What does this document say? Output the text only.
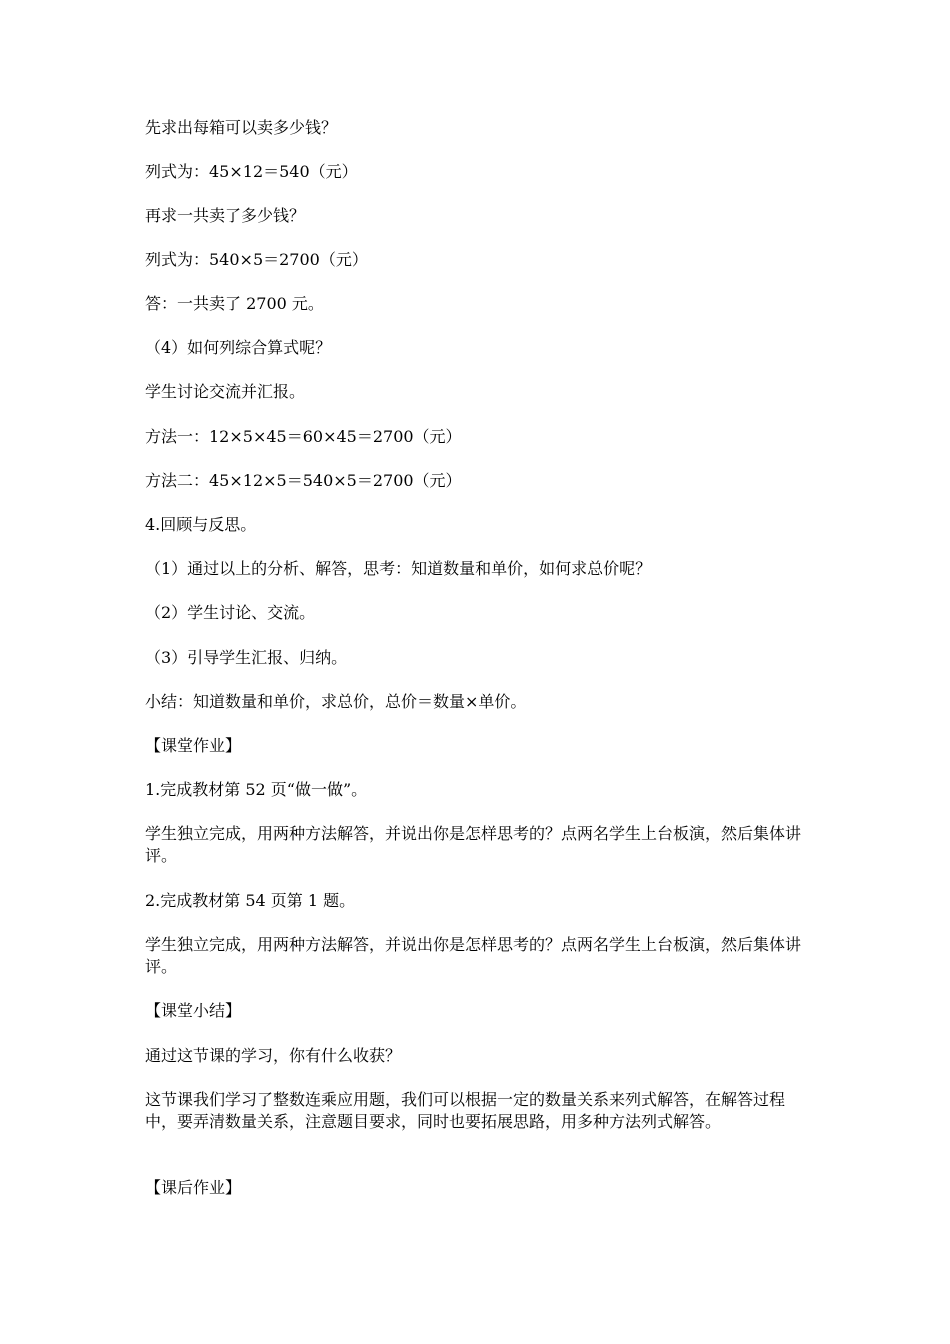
先求出每箱可以卖多少钱？

列式为：45×12＝540（元）

再求一共卖了多少钱？

列式为：540×5＝2700（元）

答：一共卖了 2700 元。

（4）如何列综合算式呢？

学生讨论交流并汇报。

方法一：12×5×45＝60×45＝2700（元）

方法二：45×12×5＝540×5＝2700（元）

4.回顾与反思。

（1）通过以上的分析、解答，思考：知道数量和单价，如何求总价呢？

（2）学生讨论、交流。

（3）引导学生汇报、归纳。

小结：知道数量和单价，求总价，总价＝数量×单价。

【课堂作业】

1.完成教材第 52 页“做一做”。

学生独立完成，用两种方法解答，并说出你是怎样思考的？点两名学生上台板演，然后集体讲评。

2.完成教材第 54 页第 1 题。

学生独立完成，用两种方法解答，并说出你是怎样思考的？点两名学生上台板演，然后集体讲评。

【课堂小结】

通过这节课的学习，你有什么收获？

这节课我们学习了整数连乘应用题，我们可以根据一定的数量关系来列式解答，在解答过程中，要弄清数量关系，注意题目要求，同时也要拓展思路，用多种方法列式解答。

【课后作业】
